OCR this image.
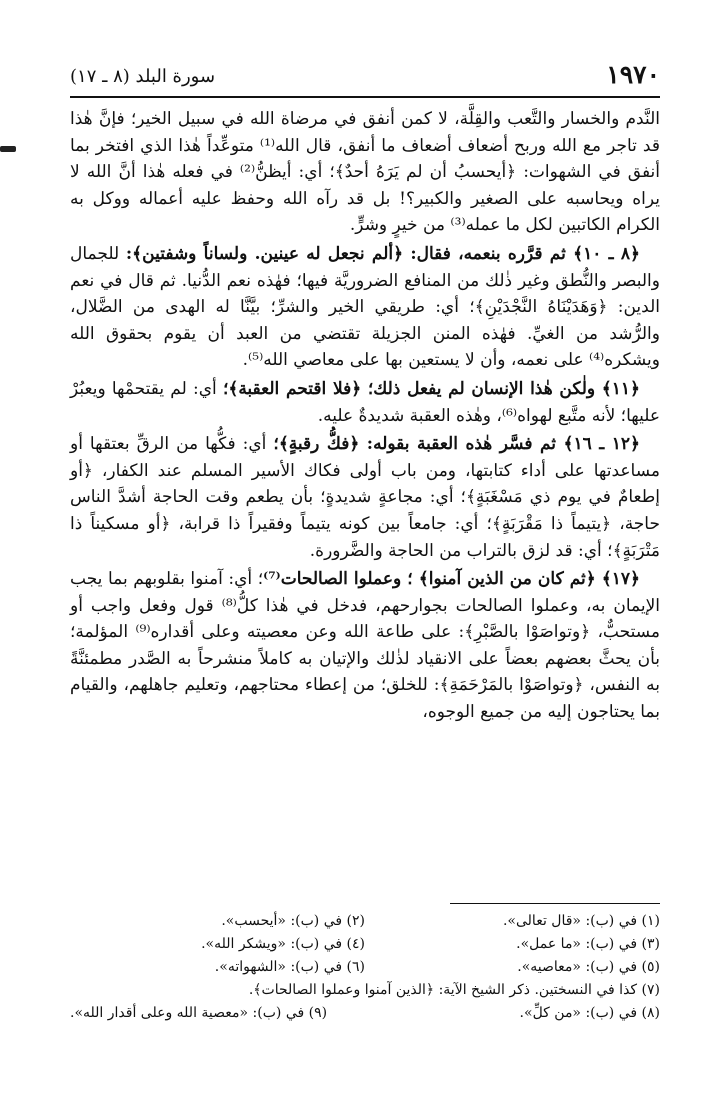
١٩٧٠
سورة البلد (٨ ـ ١٧)

النَّدم والخسار والتَّعب والقِلَّة، لا كمن أنفق في مرضاة الله في سبيل الخير؛ فإنَّ هٰذا قد تاجر مع الله وربح أضعاف أضعاف ما أنفق، قال الله⁽¹⁾ متوعِّداً هٰذا الذي افتخر بما أنفق في الشهوات: ﴿أيحسبُ أن لم يَرَهُ أحدٌ﴾؛ أي: أيظنُّ⁽²⁾ في فعله هٰذا أنَّ الله لا يراه ويحاسبه على الصغير والكبير؟! بل قد رآه الله وحفظ عليه أعماله ووكل به الكرام الكاتبين لكل ما عمله⁽³⁾ من خيرٍ وشرٍّ.

﴿٨ ـ ١٠﴾ ثم قرَّره بنعمه، فقال: ﴿ألم نجعل له عينين. ولساناً وشفتين﴾: للجمال والبصر والنُّطق وغير ذٰلك من المنافع الضروريَّة فيها؛ فهٰذه نعم الدُّنيا. ثم قال في نعم الدين: ﴿وَهَدَيْنَاهُ النَّجْدَيْنِ﴾؛ أي: طريقي الخير والشرِّ؛ بيَّنَّا له الهدى من الضَّلال، والرُّشد من الغيِّ. فهٰذه المنن الجزيلة تقتضي من العبد أن يقوم بحقوق الله ويشكره⁽⁴⁾ على نعمه، وأن لا يستعين بها على معاصي الله⁽⁵⁾.

﴿١١﴾ ولٰكن هٰذا الإنسان لم يفعل ذلك؛ ﴿فلا اقتحم العقبة﴾؛ أي: لم يقتحمْها ويعبُرْ عليها؛ لأنه متَّبع لهواه⁽⁶⁾، وهٰذه العقبة شديدةٌ عليه.

﴿١٢ ـ ١٦﴾ ثم فسَّر هٰذه العقبة بقوله: ﴿فكُّ رقبةٍ﴾؛ أي: فكُّها من الرقِّ بعتقها أو مساعدتها على أداء كتابتها، ومن باب أولى فكاك الأسير المسلم عند الكفار، ﴿أو إطعامٌ في يوم ذي مَسْغَبَةٍ﴾؛ أي: مجاعةٍ شديدةٍ؛ بأن يطعم وقت الحاجة أشدَّ الناس حاجة، ﴿يتيماً ذا مَقْرَبَةٍ﴾؛ أي: جامعاً بين كونه يتيماً وفقيراً ذا قرابة، ﴿أو مسكيناً ذا مَتْرَبَةٍ﴾؛ أي: قد لزق بالتراب من الحاجة والضَّرورة.

﴿١٧﴾ ﴿ثم كان من الذين آمنوا﴾ ؛ وعملوا الصالحات⁽⁷⁾؛ أي: آمنوا بقلوبهم بما يجب الإيمان به، وعملوا الصالحات بجوارحهم، فدخل في هٰذا كلُّ⁽⁸⁾ قول وفعل واجب أو مستحبٌّ، ﴿وتواصَوْا بالصَّبْرِ﴾: على طاعة الله وعن معصيته وعلى أقداره⁽⁹⁾ المؤلمة؛ بأن يحثَّ بعضهم بعضاً على الانقياد لذٰلك والإتيان به كاملاً منشرحاً به الصَّدر مطمئنَّةً به النفس، ﴿وتواصَوْا بالمَرْحَمَةِ﴾: للخلق؛ من إعطاء محتاجهم، وتعليم جاهلهم، والقيام بما يحتاجون إليه من جميع الوجوه،

(١) في (ب): «قال تعالى».
(٢) في (ب): «أيحسب».
(٣) في (ب): «ما عمل».
(٤) في (ب): «ويشكر الله».
(٥) في (ب): «معاصيه».
(٦) في (ب): «الشهواته».
(٧) كذا في النسختين. ذكر الشيخ الآية: ﴿الذين آمنوا وعملوا الصالحات﴾.
(٨) في (ب): «من كلِّ».
(٩) في (ب): «معصية الله وعلى أقدار الله».
